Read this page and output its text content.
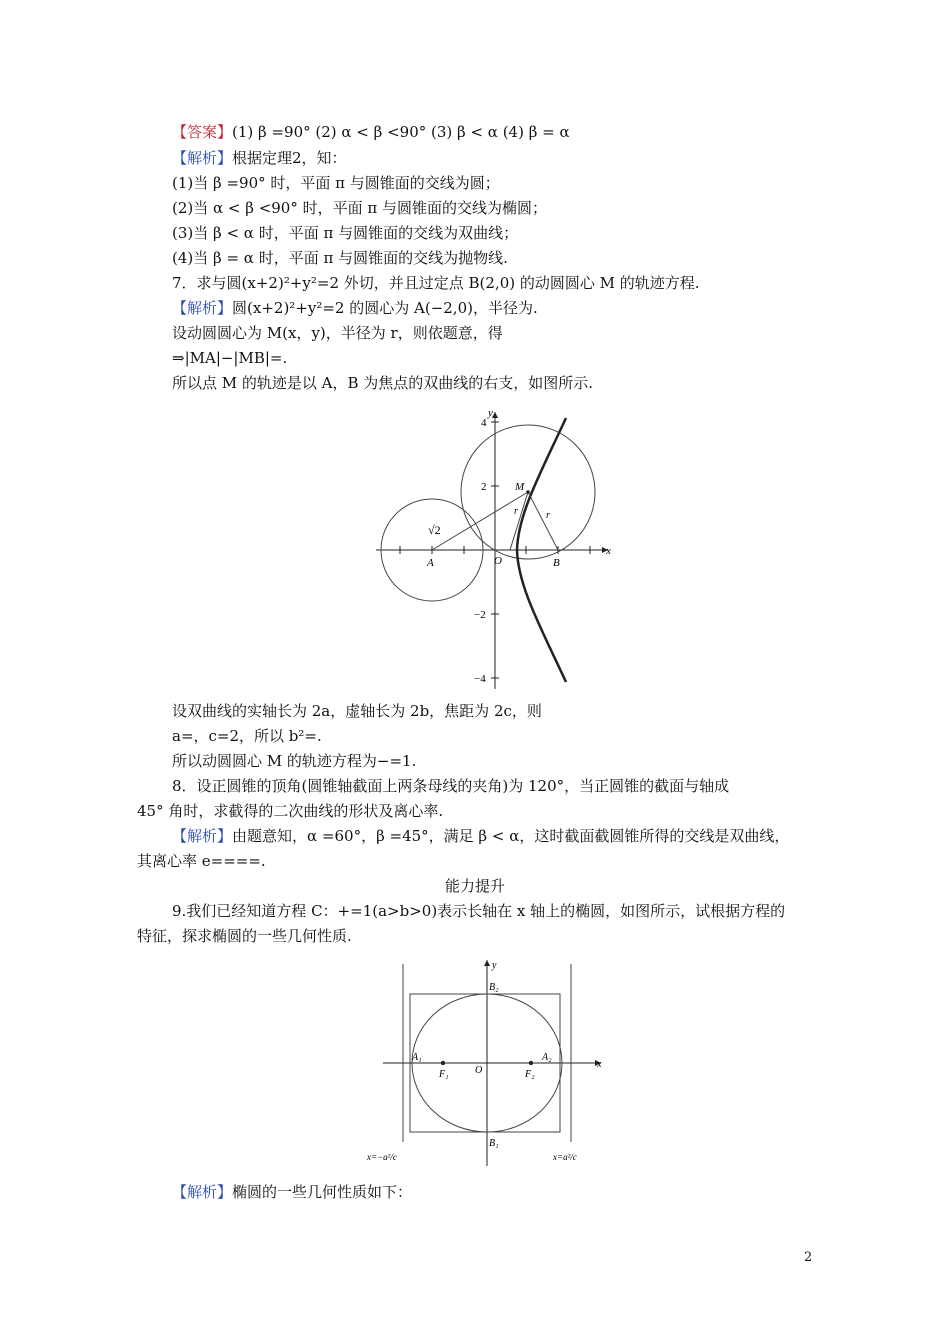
【答案】(1) β =90° (2) α < β <90° (3) β < α (4) β = α
【解析】根据定理2，知：
(1)当 β =90° 时，平面 π 与圆锥面的交线为圆；
(2)当 α < β <90° 时，平面 π 与圆锥面的交线为椭圆；
(3)当 β < α 时，平面 π 与圆锥面的交线为双曲线；
(4)当 β = α 时，平面 π 与圆锥面的交线为抛物线.
7．求与圆(x+2)²+y²=2 外切，并且过定点 B(2,0) 的动圆圆心 M 的轨迹方程.
【解析】圆(x+2)²+y²=2 的圆心为 A(−2,0)，半径为.
设动圆圆心为 M(x，y)，半径为 r，则依题意，得
⇒|MA|−|MB|=.
所以点 M 的轨迹是以 A，B 为焦点的双曲线的右支，如图所示.
y
x
4
2
−2
−4
A	B
O
M
r
r
√2
设双曲线的实轴长为 2a，虚轴长为 2b，焦距为 2c，则
a=，c=2，所以 b²=.
所以动圆圆心 M 的轨迹方程为−=1.
8．设正圆锥的顶角(圆锥轴截面上两条母线的夹角)为 120°，当正圆锥的截面与轴成
45° 角时，求截得的二次曲线的形状及离心率.
【解析】由题意知，α =60°，β =45°，满足 β < α，这时截面截圆锥所得的交线是双曲线，
其离心率 e====.
能力提升
9.我们已经知道方程 C：+=1(a>b>0)表示长轴在 x 轴上的椭圆，如图所示，试根据方程的
特征，探求椭圆的一些几何性质.
y
x
O
A₁	A₂
B₂
B₁
F₁	F₂
x=−a²/c	x=a²/c
【解析】椭圆的一些几何性质如下：
2
